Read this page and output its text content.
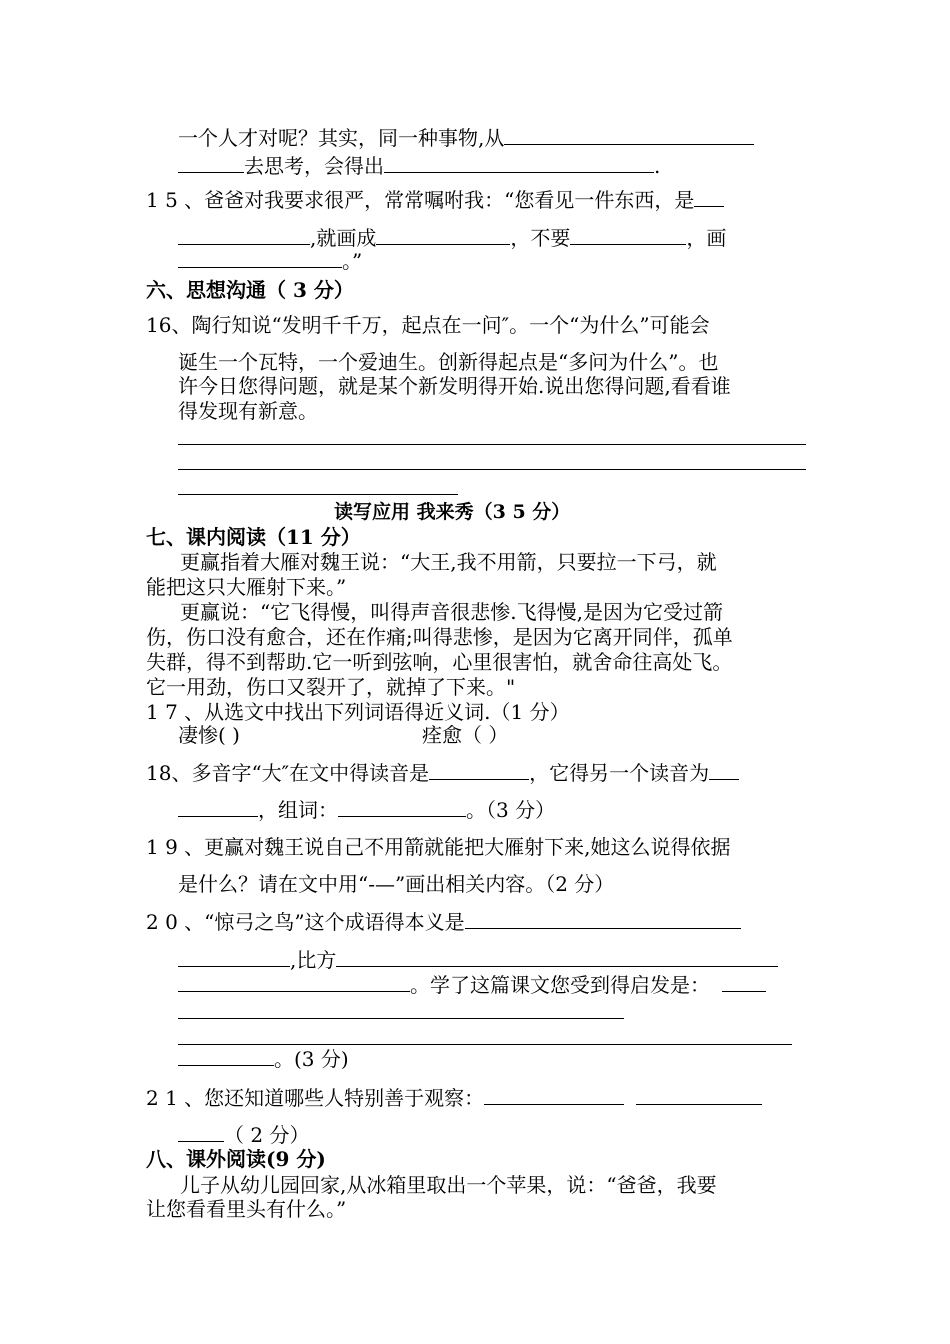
一个人才对呢？其实，同一种事物,从
去思考，会得出	.
1 5 、爸爸对我要求很严，常常嘱咐我：“您看见一件东西，是
,就画成	，不要	，画
。”
六、思想沟通（ 3 分）
16、陶行知说“发明千千万，起点在一问″。一个“为什么”可能会
诞生一个瓦特，一个爱迪生。创新得起点是“多问为什么”。也
许今日您得问题，就是某个新发明得开始.说出您得问题,看看谁
得发现有新意。
读写应用 我来秀（3 5 分）
七、课内阅读（11 分）
更赢指着大雁对魏王说：“大王,我不用箭，只要拉一下弓，就
能把这只大雁射下来。”
更赢说：“它飞得慢，叫得声音很悲惨.飞得慢,是因为它受过箭
伤，伤口没有愈合，还在作痛;叫得悲惨，是因为它离开同伴，孤单
失群，得不到帮助.它一听到弦响，心里很害怕，就舍命往高处飞。
它一用劲，伤口又裂开了，就掉了下来。"
1 7 、从选文中找出下列词语得近义词.（1 分）
凄惨( )	痊愈（ ）
18、多音字“大″在文中得读音是	，它得另一个读音为
，组词：	。（3 分）
1 9 、更赢对魏王说自己不用箭就能把大雁射下来,她这么说得依据
是什么？请在文中用“-—”画出相关内容。（2 分）
2 0 、“惊弓之鸟”这个成语得本义是
,比方
。学了这篇课文您受到得启发是：
。(3 分)
2 1 、您还知道哪些人特别善于观察：
（ 2 分）
八、课外阅读(9 分)
儿子从幼儿园回家,从冰箱里取出一个苹果，说：“爸爸，我要
让您看看里头有什么。”
